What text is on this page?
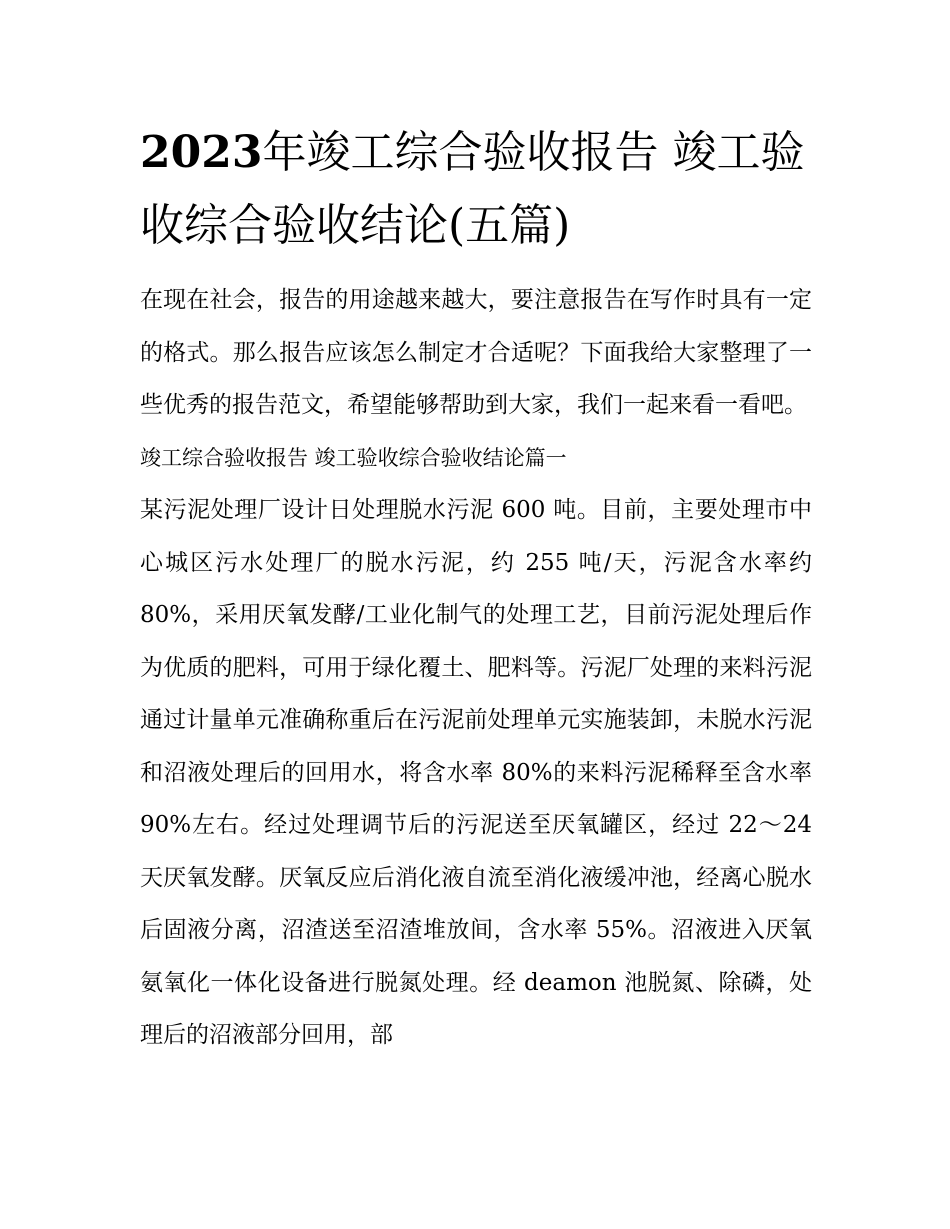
2023年竣工综合验收报告 竣工验收综合验收结论(五篇)

在现在社会，报告的用途越来越大，要注意报告在写作时具有一定的格式。那么报告应该怎么制定才合适呢？下面我给大家整理了一些优秀的报告范文，希望能够帮助到大家，我们一起来看一看吧。

竣工综合验收报告 竣工验收综合验收结论篇一

某污泥处理厂设计日处理脱水污泥 600 吨。目前，主要处理市中心城区污水处理厂的脱水污泥，约 255 吨/天，污泥含水率约 80%，采用厌氧发酵/工业化制气的处理工艺，目前污泥处理后作为优质的肥料，可用于绿化覆土、肥料等。污泥厂处理的来料污泥通过计量单元准确称重后在污泥前处理单元实施装卸，未脱水污泥和沼液处理后的回用水，将含水率 80%的来料污泥稀释至含水率 90%左右。经过处理调节后的污泥送至厌氧罐区，经过 22～24 天厌氧发酵。厌氧反应后消化液自流至消化液缓冲池，经离心脱水后固液分离，沼渣送至沼渣堆放间，含水率 55%。沼液进入厌氧氨氧化一体化设备进行脱氮处理。经 deamon 池脱氮、除磷，处理后的沼液部分回用，部
